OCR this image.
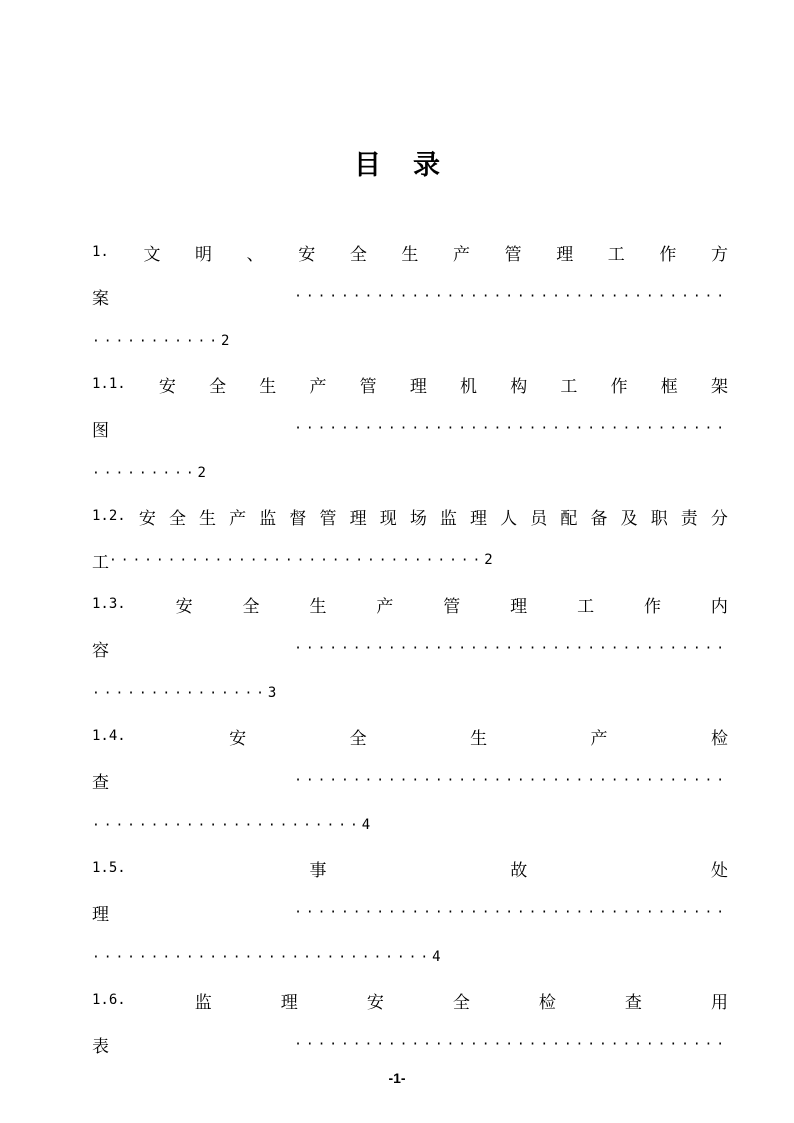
目录
1. 文 明 、 安 全 生 产 管 理 工 作 方
案	·····································
··········· 2
1.1. 安 全 生 产 管 理 机 构 工 作 框 架
图	·····································
········· 2
1.2. 安 全 生 产 监 督 管 理 现 场 监 理 人 员 配 备 及 职 责 分
工 ································ 2
1.3.	安	全	生	产	管	理	工	作	内
容	·····································
··············· 3
1.4.	安	全	生	产	检
查	·····································
······················· 4
1.5.	事	故	处
理	·····································
····························· 4
1.6.	监	理	安	全	检	查	用
表	·····································
-1-
